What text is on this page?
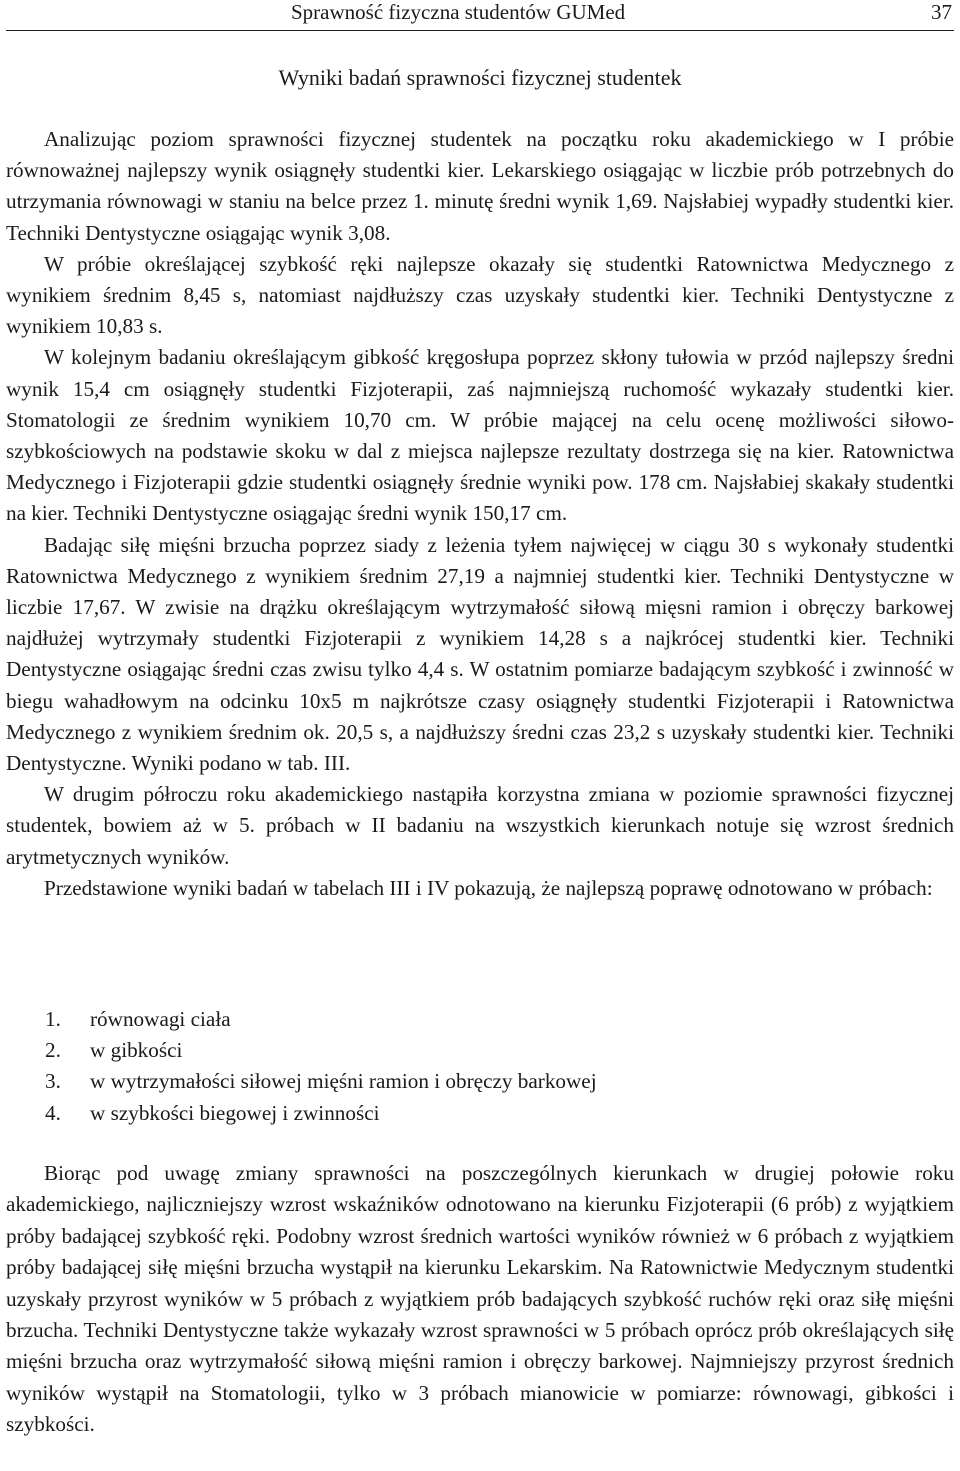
Sprawność fizyczna studentów GUMed	37
Wyniki badań sprawności fizycznej studentek

Analizując poziom sprawności fizycznej studentek na początku roku akademickiego w I próbie równoważnej najlepszy wynik osiągnęły studentki kier. Lekarskiego osiągając w liczbie prób potrzebnych do utrzymania równowagi w staniu na belce przez 1. minutę średni wynik 1,69. Najsłabiej wypadły studentki kier. Techniki Dentystyczne osiągając wynik 3,08.

W próbie określającej szybkość ręki najlepsze okazały się studentki Ratownictwa Medycznego z wynikiem średnim 8,45 s, natomiast najdłuższy czas uzyskały studentki kier. Techniki Dentystyczne z wynikiem 10,83 s.

W kolejnym badaniu określającym gibkość kręgosłupa poprzez skłony tułowia w przód najlepszy średni wynik 15,4 cm osiągnęły studentki Fizjoterapii, zaś najmniejszą ruchomość wykazały studentki kier. Stomatologii ze średnim wynikiem 10,70 cm. W próbie mającej na celu ocenę możliwości siłowo-szybkościowych na podstawie skoku w dal z miejsca najlepsze rezultaty dostrzega się na kier. Ratownictwa Medycznego i Fizjoterapii gdzie studentki osiągnęły średnie wyniki pow. 178 cm. Najsłabiej skakały studentki na kier. Techniki Dentystyczne osiągając średni wynik 150,17 cm.

Badając siłę mięśni brzucha poprzez siady z leżenia tyłem najwięcej w ciągu 30 s wykonały studentki Ratownictwa Medycznego z wynikiem średnim 27,19 a najmniej studentki kier. Techniki Dentystyczne w liczbie 17,67. W zwisie na drążku określającym wytrzymałość siłową mięsni ramion i obręczy barkowej najdłużej wytrzymały studentki Fizjoterapii z wynikiem 14,28 s a najkrócej studentki kier. Techniki Dentystyczne osiągając średni czas zwisu tylko 4,4 s. W ostatnim pomiarze badającym szybkość i zwinność w biegu wahadłowym na odcinku 10x5 m najkrótsze czasy osiągnęły studentki Fizjoterapii i Ratownictwa Medycznego z wynikiem średnim ok. 20,5 s, a najdłuższy średni czas 23,2 s uzyskały studentki kier. Techniki Dentystyczne. Wyniki podano w tab. III.

W drugim półroczu roku akademickiego nastąpiła korzystna zmiana w poziomie sprawności fizycznej studentek, bowiem aż w 5. próbach w II badaniu na wszystkich kierunkach notuje się wzrost średnich arytmetycznych wyników.

Przedstawione wyniki badań w tabelach III i IV pokazują, że najlepszą poprawę odnotowano w próbach:

1.	równowagi ciała
2.	w gibkości
3.	w wytrzymałości siłowej mięśni ramion i obręczy barkowej
4.	w szybkości biegowej i zwinności

Biorąc pod uwagę zmiany sprawności na poszczególnych kierunkach w drugiej połowie roku akademickiego, najliczniejszy wzrost wskaźników odnotowano na kierunku Fizjoterapii (6 prób) z wyjątkiem próby badającej szybkość ręki. Podobny wzrost średnich wartości wyników również w 6 próbach z wyjątkiem próby badającej siłę mięśni brzucha wystąpił na kierunku Lekarskim. Na Ratownictwie Medycznym studentki uzyskały przyrost wyników w 5 próbach z wyjątkiem prób badających szybkość ruchów ręki oraz siłę mięśni brzucha. Techniki Dentystyczne także wykazały wzrost sprawności w 5 próbach oprócz prób określających siłę mięśni brzucha oraz wytrzymałość siłową mięśni ramion i obręczy barkowej. Najmniejszy przyrost średnich wyników wystąpił na Stomatologii, tylko w 3 próbach mianowicie w pomiarze: równowagi, gibkości i szybkości.
